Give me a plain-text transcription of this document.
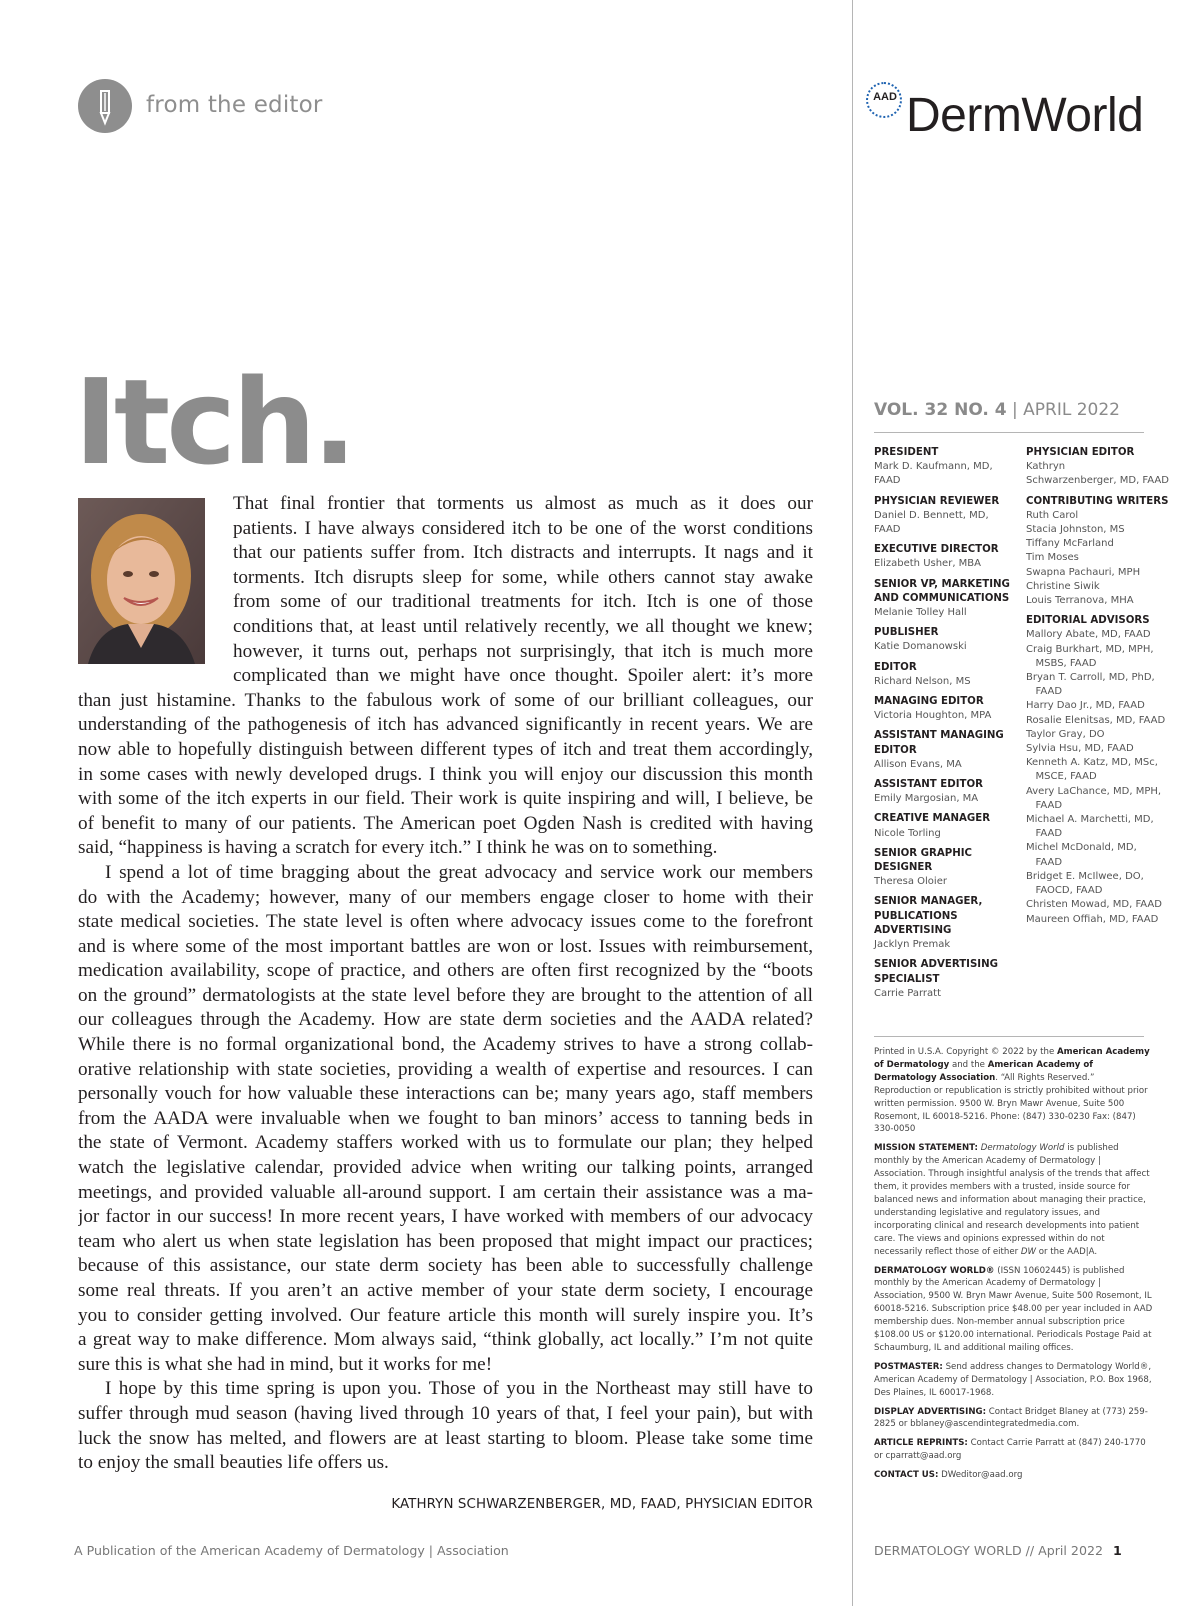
from the editor	AAD DermWorld
Itch.
That final frontier that torments us almost as much as it does our
patients. I have always considered itch to be one of the worst conditions
that our patients suffer from. Itch distracts and interrupts. It nags and it
torments. Itch disrupts sleep for some, while others cannot stay awake
from some of our traditional treatments for itch. Itch is one of those
conditions that, at least until relatively recently, we all thought we knew;
however, it turns out, perhaps not surprisingly, that itch is much more
complicated than we might have once thought. Spoiler alert: it’s more
than just histamine. Thanks to the fabulous work of some of our brilliant colleagues, our
understanding of the pathogenesis of itch has advanced significantly in recent years. We are
now able to hopefully distinguish between different types of itch and treat them accordingly,
in some cases with newly developed drugs. I think you will enjoy our discussion this month
with some of the itch experts in our field. Their work is quite inspiring and will, I believe, be
of benefit to many of our patients. The American poet Ogden Nash is credited with having
said, “happiness is having a scratch for every itch.” I think he was on to something.
I spend a lot of time bragging about the great advocacy and service work our members
do with the Academy; however, many of our members engage closer to home with their
state medical societies. The state level is often where advocacy issues come to the forefront
and is where some of the most important battles are won or lost. Issues with reimbursement,
medication availability, scope of practice, and others are often first recognized by the “boots
on the ground” dermatologists at the state level before they are brought to the attention of all
our colleagues through the Academy. How are state derm societies and the AADA related?
While there is no formal organizational bond, the Academy strives to have a strong collab-
orative relationship with state societies, providing a wealth of expertise and resources. I can
personally vouch for how valuable these interactions can be; many years ago, staff members
from the AADA were invaluable when we fought to ban minors’ access to tanning beds in
the state of Vermont. Academy staffers worked with us to formulate our plan; they helped
watch the legislative calendar, provided advice when writing our talking points, arranged
meetings, and provided valuable all-around support. I am certain their assistance was a ma-
jor factor in our success! In more recent years, I have worked with members of our advocacy
team who alert us when state legislation has been proposed that might impact our practices;
because of this assistance, our state derm society has been able to successfully challenge
some real threats. If you aren’t an active member of your state derm society, I encourage
you to consider getting involved. Our feature article this month will surely inspire you. It’s
a great way to make difference. Mom always said, “think globally, act locally.” I’m not quite
sure this is what she had in mind, but it works for me!
I hope by this time spring is upon you. Those of you in the Northeast may still have to
suffer through mud season (having lived through 10 years of that, I feel your pain), but with
luck the snow has melted, and flowers are at least starting to bloom. Please take some time
to enjoy the small beauties life offers us.
KATHRYN SCHWARZENBERGER, MD, FAAD, PHYSICIAN EDITOR
A Publication of the American Academy of Dermatology | Association	DERMATOLOGY WORLD // April 2022 1
VOL. 32 NO. 4 | APRIL 2022
PRESIDENT
Mark D. Kaufmann, MD,
FAAD
PHYSICIAN REVIEWER
Daniel D. Bennett, MD,
FAAD
EXECUTIVE DIRECTOR
Elizabeth Usher, MBA
SENIOR VP, MARKETING AND COMMUNICATIONS
Melanie Tolley Hall
PUBLISHER
Katie Domanowski
EDITOR
Richard Nelson, MS
MANAGING EDITOR
Victoria Houghton, MPA
ASSISTANT MANAGING EDITOR
Allison Evans, MA
ASSISTANT EDITOR
Emily Margosian, MA
CREATIVE MANAGER
Nicole Torling
SENIOR GRAPHIC DESIGNER
Theresa Oloier
SENIOR MANAGER, PUBLICATIONS ADVERTISING
Jacklyn Premak
SENIOR ADVERTISING SPECIALIST
Carrie Parratt
PHYSICIAN EDITOR
Kathryn
Schwarzenberger, MD, FAAD
CONTRIBUTING WRITERS
Ruth Carol
Stacia Johnston, MS
Tiffany McFarland
Tim Moses
Swapna Pachauri, MPH
Christine Siwik
Louis Terranova, MHA
EDITORIAL ADVISORS
Mallory Abate, MD, FAAD
Craig Burkhart, MD, MPH,
MSBS, FAAD
Bryan T. Carroll, MD, PhD,
FAAD
Harry Dao Jr., MD, FAAD
Rosalie Elenitsas, MD, FAAD
Taylor Gray, DO
Sylvia Hsu, MD, FAAD
Kenneth A. Katz, MD, MSc,
MSCE, FAAD
Avery LaChance, MD, MPH,
FAAD
Michael A. Marchetti, MD,
FAAD
Michel McDonald, MD,
FAAD
Bridget E. McIlwee, DO,
FAOCD, FAAD
Christen Mowad, MD, FAAD
Maureen Offiah, MD, FAAD

Printed in U.S.A. Copyright © 2022 by the American Academy of Dermatology and the American Academy of Dermatology Association. “All Rights Reserved.” Reproduction or republication is strictly prohibited without prior written permission. 9500 W. Bryn Mawr Avenue, Suite 500 Rosemont, IL 60018-5216. Phone: (847) 330-0230 Fax: (847) 330-0050

MISSION STATEMENT: Dermatology World is published monthly by the American Academy of Dermatology | Association. Through insightful analysis of the trends that affect them, it provides members with a trusted, inside source for balanced news and information about managing their practice, understanding legislative and regulatory issues, and incorporating clinical and research developments into patient care. The views and opinions expressed within do not necessarily reflect those of either DW or the AAD|A.

DERMATOLOGY WORLD® (ISSN 10602445) is published monthly by the American Academy of Dermatology | Association, 9500 W. Bryn Mawr Avenue, Suite 500 Rosemont, IL 60018-5216. Subscription price $48.00 per year included in AAD membership dues. Non-member annual subscription price $108.00 US or $120.00 international. Periodicals Postage Paid at Schaumburg, IL and additional mailing offices.

POSTMASTER: Send address changes to Dermatology World®, American Academy of Dermatology | Association, P.O. Box 1968, Des Plaines, IL 60017-1968.

DISPLAY ADVERTISING: Contact Bridget Blaney at (773) 259-2825 or bblaney@ascendintegratedmedia.com.

ARTICLE REPRINTS: Contact Carrie Parratt at (847) 240-1770 or cparratt@aad.org

CONTACT US: DWeditor@aad.org
